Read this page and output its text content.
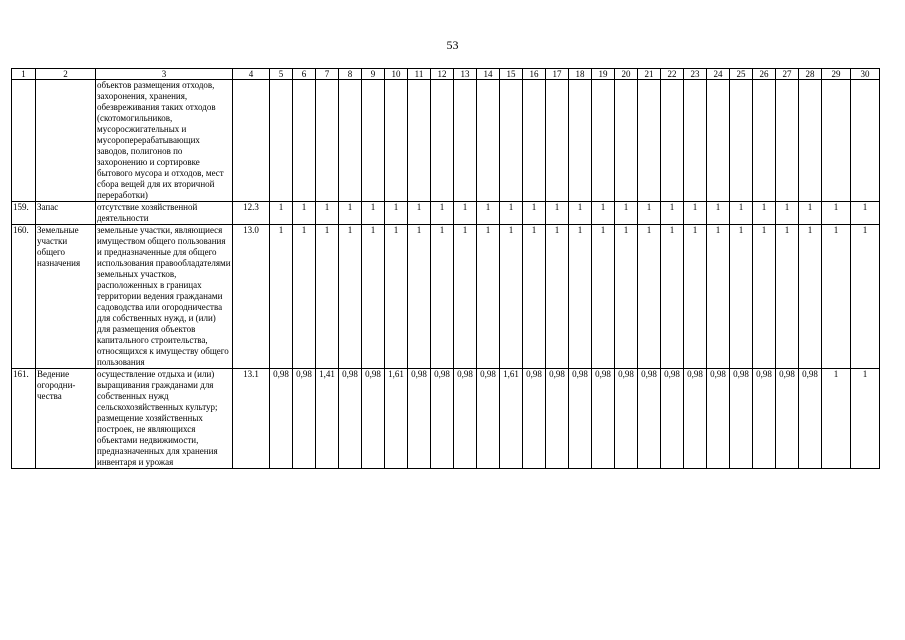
53
1	2	3	4	5	6	7	8	9	10	11	12	13	14	15	16	17	18	19	20	21	22	23	24	25	26	27	28	29	30
		объектов размещения отходов, захоронения, хранения, обезвреживания таких отходов (скотомогильников, мусоросжигательных и мусороперерабатывающих заводов, полигонов по захоронению и сортировке бытового мусора и отходов, мест сбора вещей для их вторичной переработки)																											
159.	Запас	отсутствие хозяйственной деятельности	12.3	1	1	1	1	1	1	1	1	1	1	1	1	1	1	1	1	1	1	1	1	1	1	1	1	1	1
160.	Земельные участки общего назначения	земельные участки, являющиеся имуществом общего пользования и предназначенные для общего использования правообладателями земельных участков, расположенных в границах территории ведения гражданами садоводства или огородничества для собственных нужд, и (или) для размещения объектов капитального строительства, относящихся к имуществу общего пользования	13.0	1	1	1	1	1	1	1	1	1	1	1	1	1	1	1	1	1	1	1	1	1	1	1	1	1	1
161.	Ведение огородни-чества	осуществление отдыха и (или) выращивания гражданами для собственных нужд сельскохозяйственных культур; размещение хозяйственных построек, не являющихся объектами недвижимости, предназначенных для хранения инвентаря и урожая	13.1	0,98	0,98	1,41	0,98	0,98	1,61	0,98	0,98	0,98	0,98	1,61	0,98	0,98	0,98	0,98	0,98	0,98	0,98	0,98	0,98	0,98	0,98	0,98	0,98	1	1
